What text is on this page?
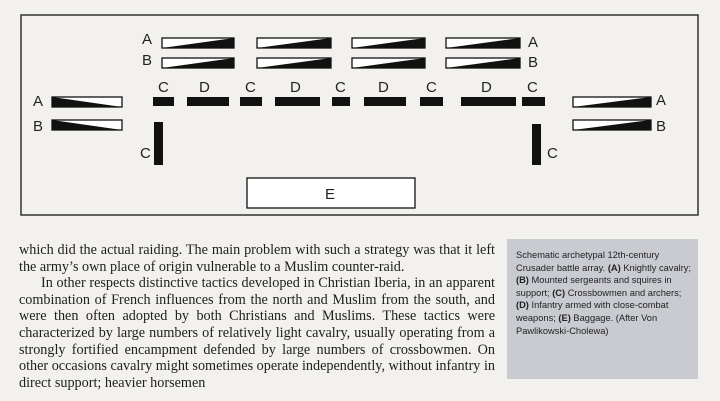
A
B
A
B
A
B
A
B
C D C D C D C	D C
C	C
E

which did the actual raiding. The main problem with such a strategy was that it left the army’s own place of origin vulnerable to a Muslim counter-raid.

In other respects distinctive tactics developed in Christian Iberia, in an apparent combination of French influences from the north and Muslim from the south, and were then often adopted by both Christians and Muslims. These tactics were characterized by large numbers of relatively light cavalry, usually operating from a strongly fortified encampment defended by large numbers of crossbowmen. On other occasions cavalry might sometimes operate independently, without infantry in direct support; heavier horsemen

Schematic archetypal 12th-century Crusader battle array. (A) Knightly cavalry; (B) Mounted sergeants and squires in support; (C) Crossbowmen and archers; (D) Infantry armed with close-combat weapons; (E) Baggage. (After Von Pawlikowski-Cholewa)
